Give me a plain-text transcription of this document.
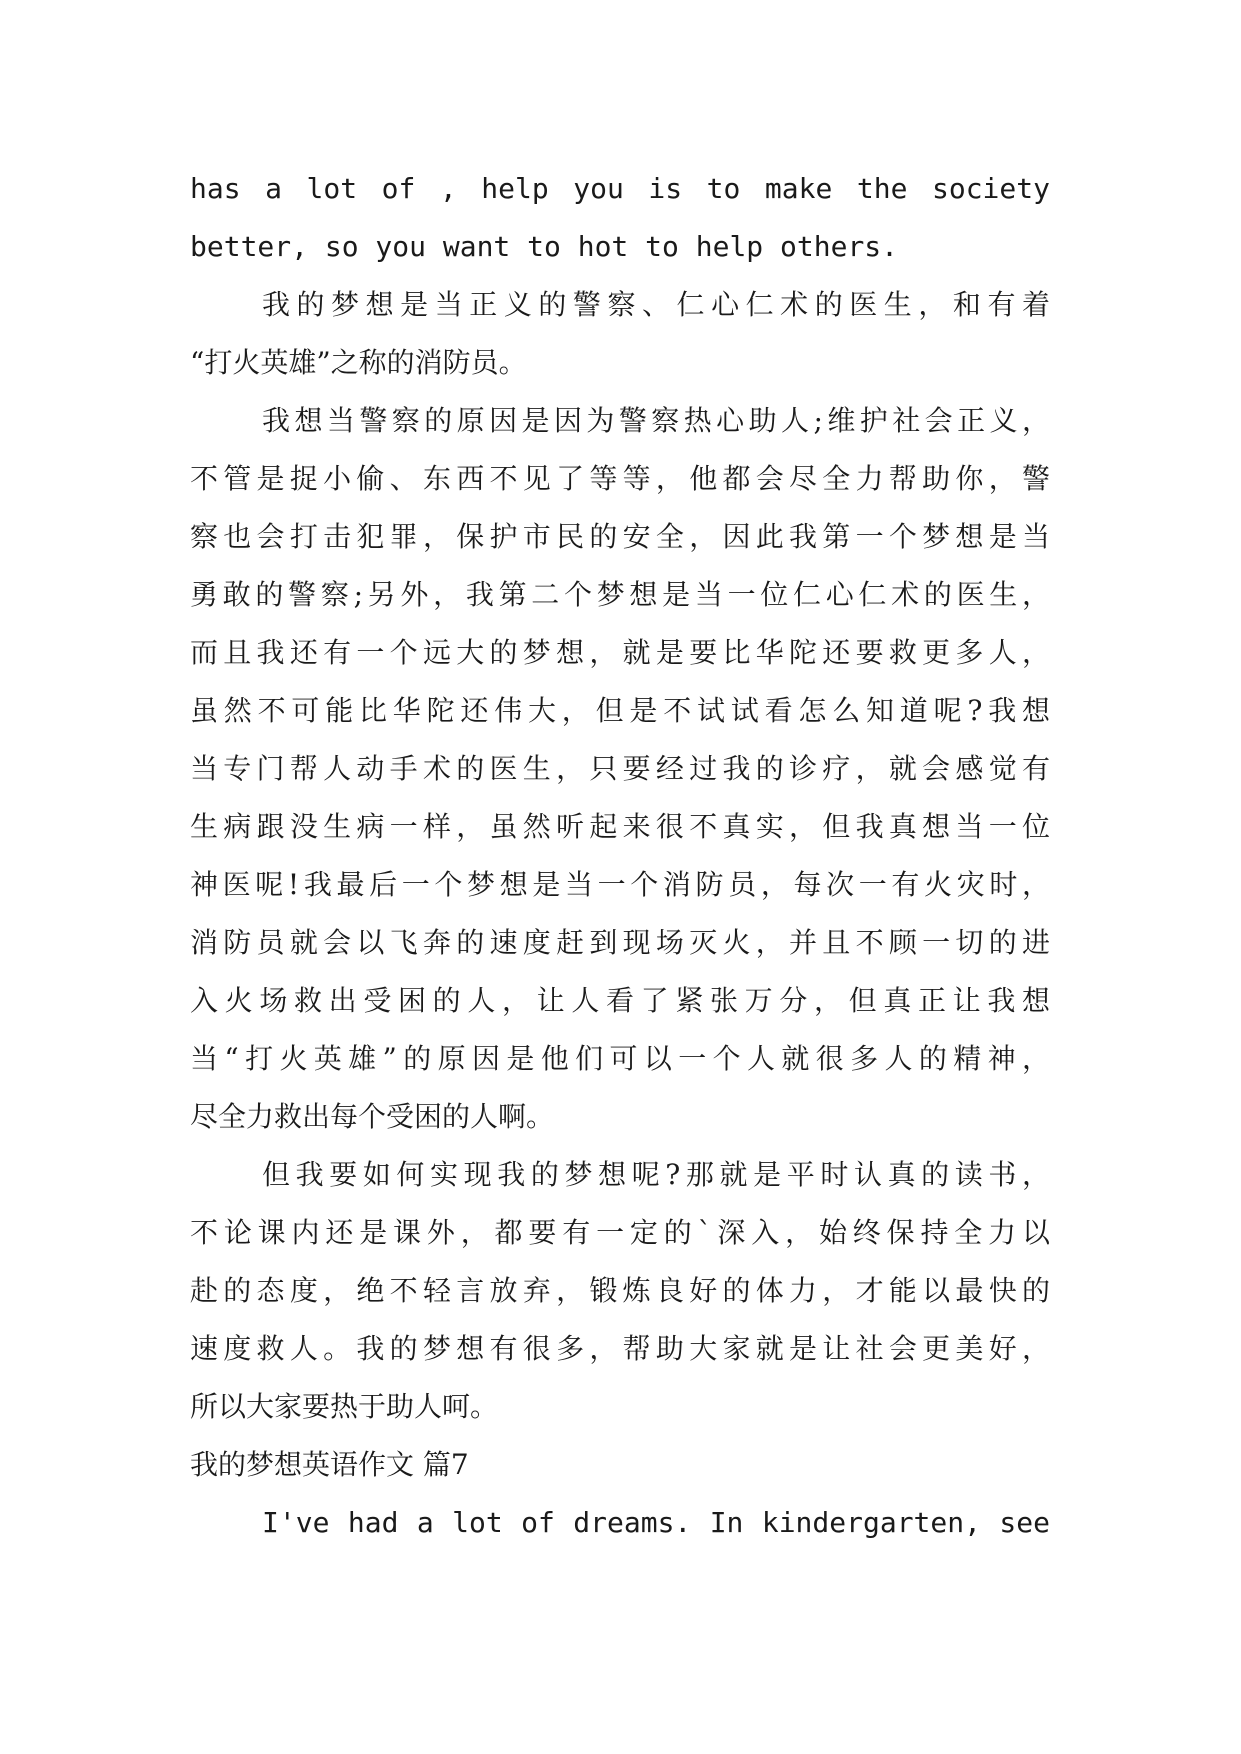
has a lot of , help you is to make the society
better, so you want to hot to help others.
我的梦想是当正义的警察、仁心仁术的医生，和有着
“打火英雄”之称的消防员。
我想当警察的原因是因为警察热心助人;维护社会正义，
不管是捉小偷、东西不见了等等，他都会尽全力帮助你，警
察也会打击犯罪，保护市民的安全，因此我第一个梦想是当
勇敢的警察;另外，我第二个梦想是当一位仁心仁术的医生，
而且我还有一个远大的梦想，就是要比华陀还要救更多人，
虽然不可能比华陀还伟大，但是不试试看怎么知道呢?我想
当专门帮人动手术的医生，只要经过我的诊疗，就会感觉有
生病跟没生病一样，虽然听起来很不真实，但我真想当一位
神医呢!我最后一个梦想是当一个消防员，每次一有火灾时，
消防员就会以飞奔的速度赶到现场灭火，并且不顾一切的进
入火场救出受困的人，让人看了紧张万分，但真正让我想
当“打火英雄”的原因是他们可以一个人就很多人的精神，
尽全力救出每个受困的人啊。
但我要如何实现我的梦想呢?那就是平时认真的读书，
不论课内还是课外，都要有一定的`深入，始终保持全力以
赴的态度，绝不轻言放弃，锻炼良好的体力，才能以最快的
速度救人。我的梦想有很多，帮助大家就是让社会更美好，
所以大家要热于助人呵。
我的梦想英语作文 篇7
I've had a lot of dreams. In kindergarten, see
